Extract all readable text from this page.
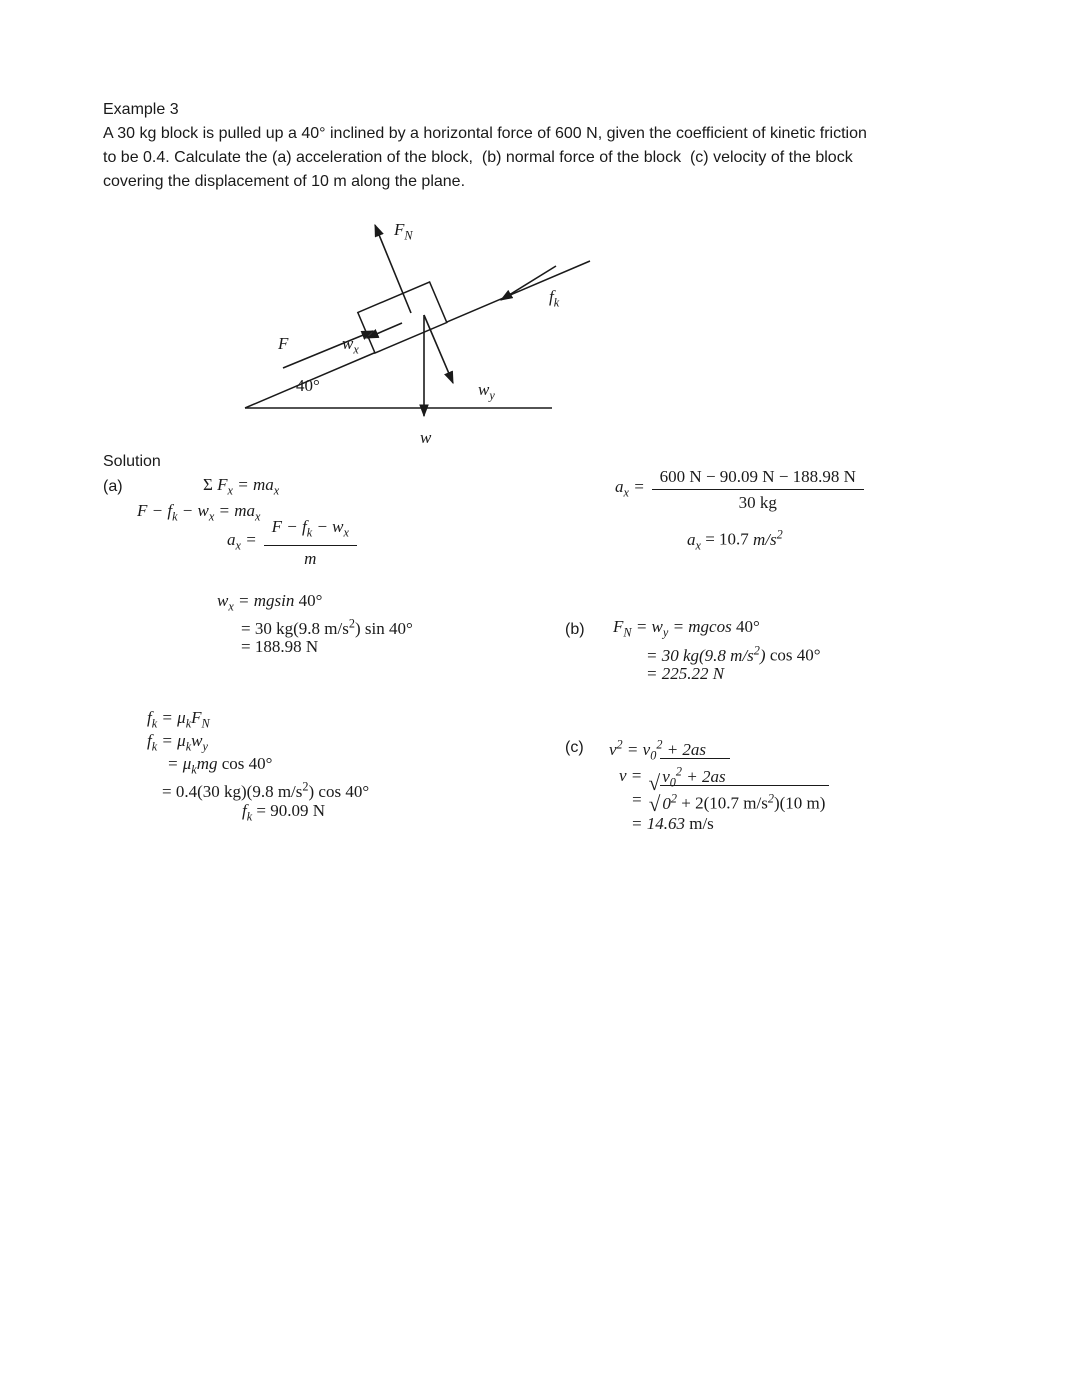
Example 3
A 30 kg block is pulled up a 40° inclined by a horizontal force of 600 N, given the coefficient of kinetic friction
to be 0.4. Calculate the (a) acceleration of the block,  (b) normal force of the block  (c) velocity of the block
covering the displacement of 10 m along the plane.
$F_N$
$f_k$
F	$w_x$
$w_y$
w
40°
Solution
(a)	Σ $F_x = ma_x$
$F - f_k - w_x = ma_x$
$a_x = \frac{F - f_k - w_x}{m}$
$w_x = mgsin$ 40°
= 30 kg(9.8 $m/s^2$) sin 40°
= 188.98 N
$f_k = \mu_kF_N$
$f_k = \mu_kw_y$
= $\mu_kmg$ cos 40°
= 0.4(30 kg)(9.8 $m/s^2$) cos 40°
$f_k = 90.09$ N
$a_x = \frac{600 N - 90.09 N - 188.98 N}{30 kg}$
$a_x = 10.7$ $m/s^2$
(b) $F_N = w_y = mgcos$ 40°
= 30 kg(9.8 $m/s^2$) cos 40°
= 225.22 N
(c) $v^2 = v_0^2 + 2as$
v = √ $v_0^2 + 2as$
= √ $0^2 + 2(10.7$ $m/s^2)(10$ m)
= 14.63 m/s
